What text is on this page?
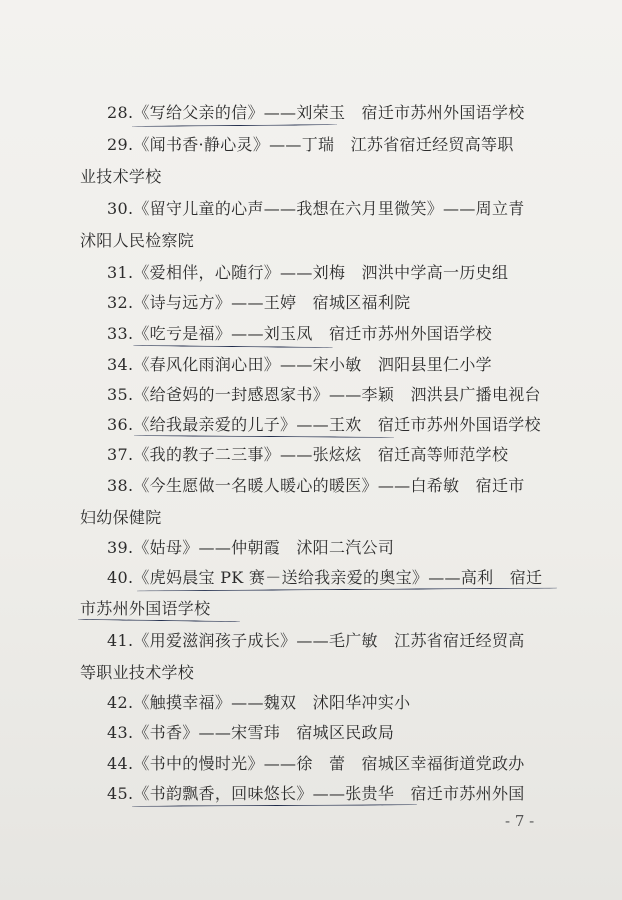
28.《写给父亲的信》——刘荣玉　宿迁市苏州外国语学校
29.《闻书香·静心灵》——丁瑞　江苏省宿迁经贸高等职
业技术学校
30.《留守儿童的心声——我想在六月里微笑》——周立青
沭阳人民检察院
31.《爱相伴，心随行》——刘梅　泗洪中学高一历史组
32.《诗与远方》——王婷　宿城区福利院
33.《吃亏是福》——刘玉凤　宿迁市苏州外国语学校
34.《春风化雨润心田》——宋小敏　泗阳县里仁小学
35.《给爸妈的一封感恩家书》——李颖　泗洪县广播电视台
36.《给我最亲爱的儿子》——王欢　宿迁市苏州外国语学校
37.《我的教子二三事》——张炫炫　宿迁高等师范学校
38.《今生愿做一名暖人暖心的暖医》——白希敏　宿迁市
妇幼保健院
39.《姑母》——仲朝霞　沭阳二汽公司
40.《虎妈晨宝 PK 赛－送给我亲爱的奥宝》——高利　宿迁
市苏州外国语学校
41.《用爱滋润孩子成长》——毛广敏　江苏省宿迁经贸高
等职业技术学校
42.《触摸幸福》——魏双　沭阳华冲实小
43.《书香》——宋雪玮　宿城区民政局
44.《书中的慢时光》——徐　蕾　宿城区幸福街道党政办
45.《书韵飘香，回味悠长》——张贵华　宿迁市苏州外国
- 7 -
